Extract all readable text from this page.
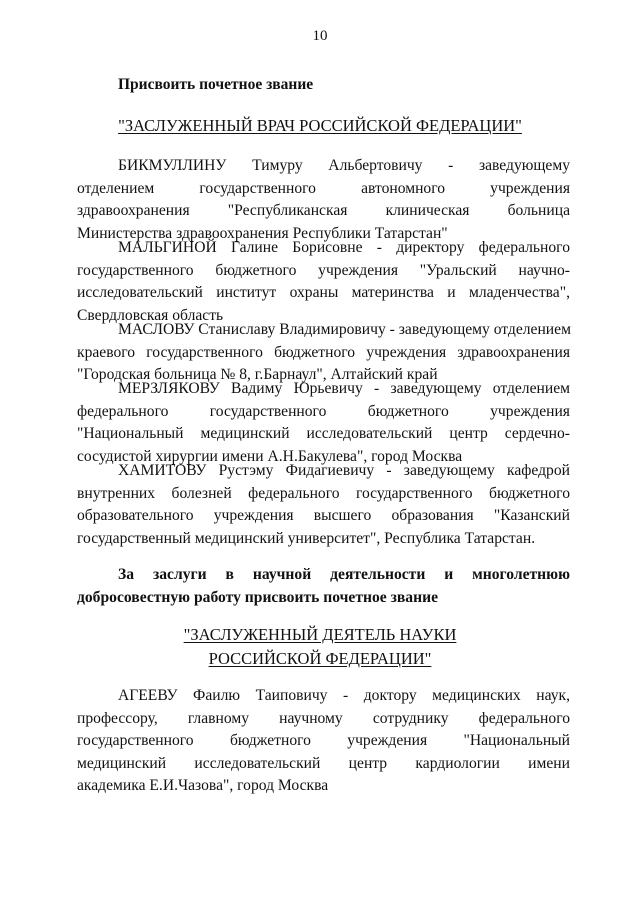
10
Присвоить почетное звание
"ЗАСЛУЖЕННЫЙ ВРАЧ РОССИЙСКОЙ ФЕДЕРАЦИИ"
БИКМУЛЛИНУ Тимуру Альбертовичу - заведующему
отделением государственного автономного учреждения
здравоохранения "Республиканская клиническая больница
Министерства здравоохранения Республики Татарстан"
МАЛЬГИНОЙ Галине Борисовне - директору федерального
государственного бюджетного учреждения "Уральский научно-
исследовательский институт охраны материнства и младенчества",
Свердловская область
МАСЛОВУ Станиславу Владимировичу - заведующему отделением
краевого государственного бюджетного учреждения здравоохранения
"Городская больница № 8, г.Барнаул", Алтайский край
МЕРЗЛЯКОВУ Вадиму Юрьевичу - заведующему отделением
федерального государственного бюджетного учреждения
"Национальный медицинский исследовательский центр сердечно-
сосудистой хирургии имени А.Н.Бакулева", город Москва
ХАМИТОВУ Рустэму Фидагиевичу - заведующему кафедрой
внутренних болезней федерального государственного бюджетного
образовательного учреждения высшего образования "Казанский
государственный медицинский университет", Республика Татарстан.
За заслуги в научной деятельности и многолетнюю
добросовестную работу присвоить почетное звание
"ЗАСЛУЖЕННЫЙ ДЕЯТЕЛЬ НАУКИ
РОССИЙСКОЙ ФЕДЕРАЦИИ"
АГЕЕВУ Фаилю Таиповичу - доктору медицинских наук,
профессору, главному научному сотруднику федерального
государственного бюджетного учреждения "Национальный
медицинский исследовательский центр кардиологии имени
академика Е.И.Чазова", город Москва
